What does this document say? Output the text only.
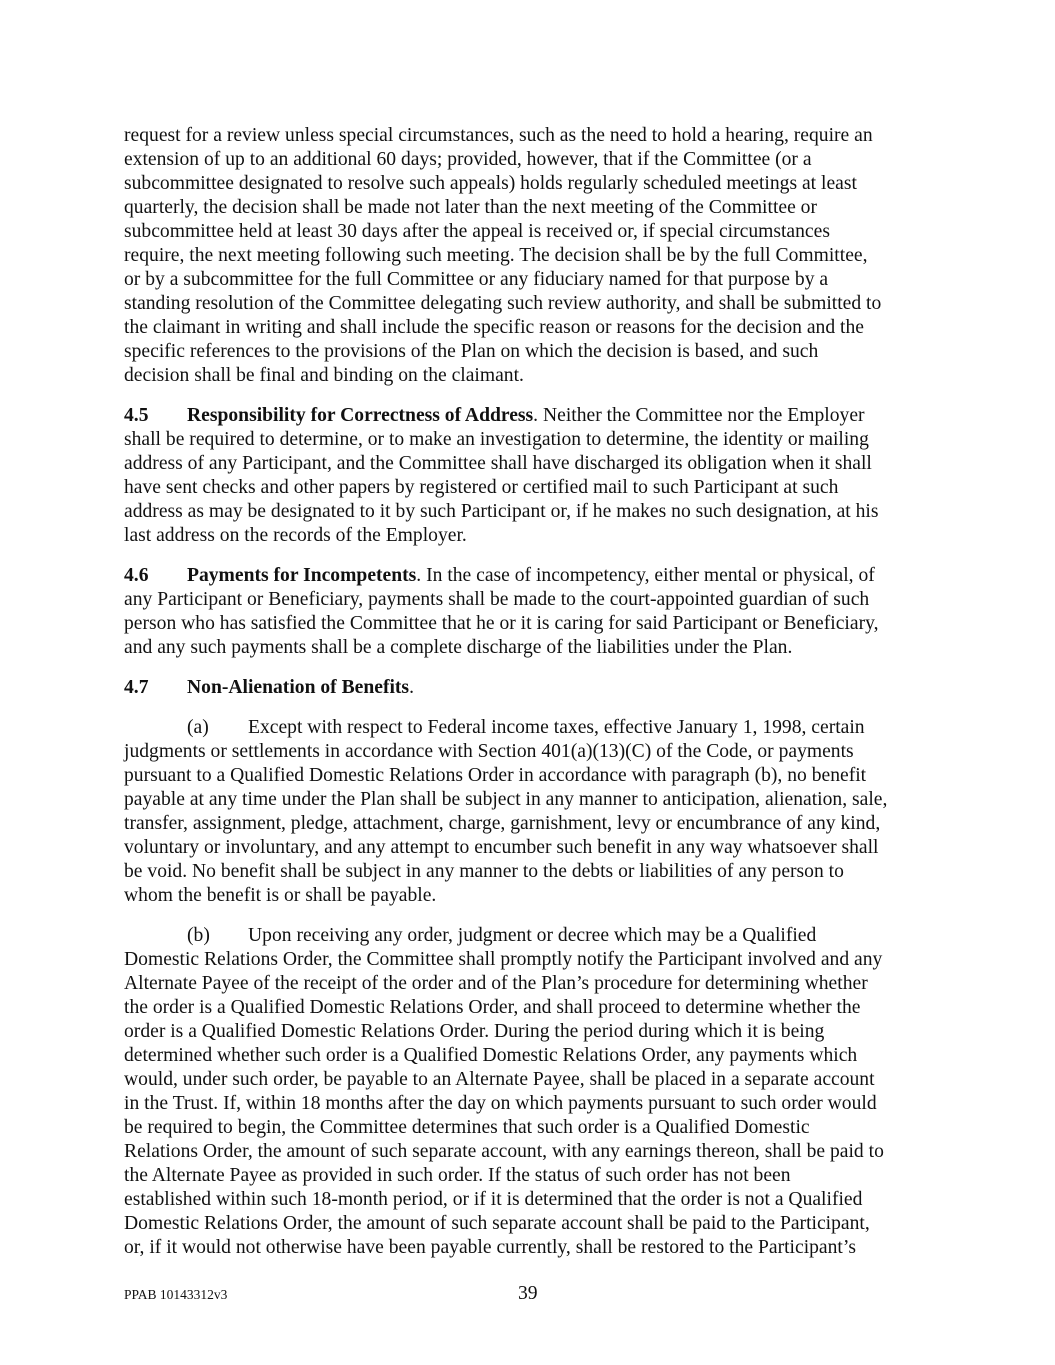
request for a review unless special circumstances, such as the need to hold a hearing, require an
extension of up to an additional 60 days; provided, however, that if the Committee (or a
subcommittee designated to resolve such appeals) holds regularly scheduled meetings at least
quarterly, the decision shall be made not later than the next meeting of the Committee or
subcommittee held at least 30 days after the appeal is received or, if special circumstances
require, the next meeting following such meeting. The decision shall be by the full Committee,
or by a subcommittee for the full Committee or any fiduciary named for that purpose by a
standing resolution of the Committee delegating such review authority, and shall be submitted to
the claimant in writing and shall include the specific reason or reasons for the decision and the
specific references to the provisions of the Plan on which the decision is based, and such
decision shall be final and binding on the claimant.
4.5 Responsibility for Correctness of Address. Neither the Committee nor the Employer
shall be required to determine, or to make an investigation to determine, the identity or mailing
address of any Participant, and the Committee shall have discharged its obligation when it shall
have sent checks and other papers by registered or certified mail to such Participant at such
address as may be designated to it by such Participant or, if he makes no such designation, at his
last address on the records of the Employer.
4.6 Payments for Incompetents. In the case of incompetency, either mental or physical, of
any Participant or Beneficiary, payments shall be made to the court-appointed guardian of such
person who has satisfied the Committee that he or it is caring for said Participant or Beneficiary,
and any such payments shall be a complete discharge of the liabilities under the Plan.
4.7 Non-Alienation of Benefits.
(a) Except with respect to Federal income taxes, effective January 1, 1998, certain
judgments or settlements in accordance with Section 401(a)(13)(C) of the Code, or payments
pursuant to a Qualified Domestic Relations Order in accordance with paragraph (b), no benefit
payable at any time under the Plan shall be subject in any manner to anticipation, alienation, sale,
transfer, assignment, pledge, attachment, charge, garnishment, levy or encumbrance of any kind,
voluntary or involuntary, and any attempt to encumber such benefit in any way whatsoever shall
be void. No benefit shall be subject in any manner to the debts or liabilities of any person to
whom the benefit is or shall be payable.
(b) Upon receiving any order, judgment or decree which may be a Qualified
Domestic Relations Order, the Committee shall promptly notify the Participant involved and any
Alternate Payee of the receipt of the order and of the Plan’s procedure for determining whether
the order is a Qualified Domestic Relations Order, and shall proceed to determine whether the
order is a Qualified Domestic Relations Order. During the period during which it is being
determined whether such order is a Qualified Domestic Relations Order, any payments which
would, under such order, be payable to an Alternate Payee, shall be placed in a separate account
in the Trust. If, within 18 months after the day on which payments pursuant to such order would
be required to begin, the Committee determines that such order is a Qualified Domestic
Relations Order, the amount of such separate account, with any earnings thereon, shall be paid to
the Alternate Payee as provided in such order. If the status of such order has not been
established within such 18-month period, or if it is determined that the order is not a Qualified
Domestic Relations Order, the amount of such separate account shall be paid to the Participant,
or, if it would not otherwise have been payable currently, shall be restored to the Participant’s
PPAB 10143312v3	39
